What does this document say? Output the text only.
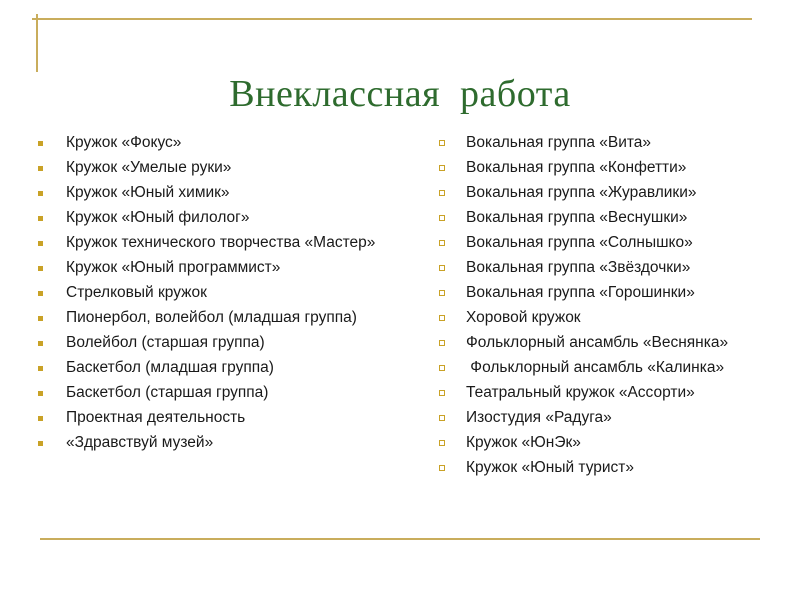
Внеклассная  работа
Кружок «Фокус»
Кружок «Умелые руки»
Кружок «Юный химик»
Кружок «Юный филолог»
Кружок технического творчества «Мастер»
Кружок «Юный программист»
Стрелковый кружок
Пионербол, волейбол (младшая группа)
Волейбол (старшая группа)
Баскетбол (младшая группа)
Баскетбол (старшая группа)
Проектная деятельность
«Здравствуй музей»
Вокальная группа «Вита»
Вокальная группа «Конфетти»
Вокальная группа «Журавлики»
Вокальная группа «Веснушки»
Вокальная группа «Солнышко»
Вокальная группа «Звёздочки»
Вокальная группа «Горошинки»
Хоровой кружок
Фольклорный ансамбль «Веснянка»
Фольклорный ансамбль «Калинка»
Театральный кружок «Ассорти»
Изостудия «Радуга»
Кружок «ЮнЭк»
Кружок «Юный турист»
